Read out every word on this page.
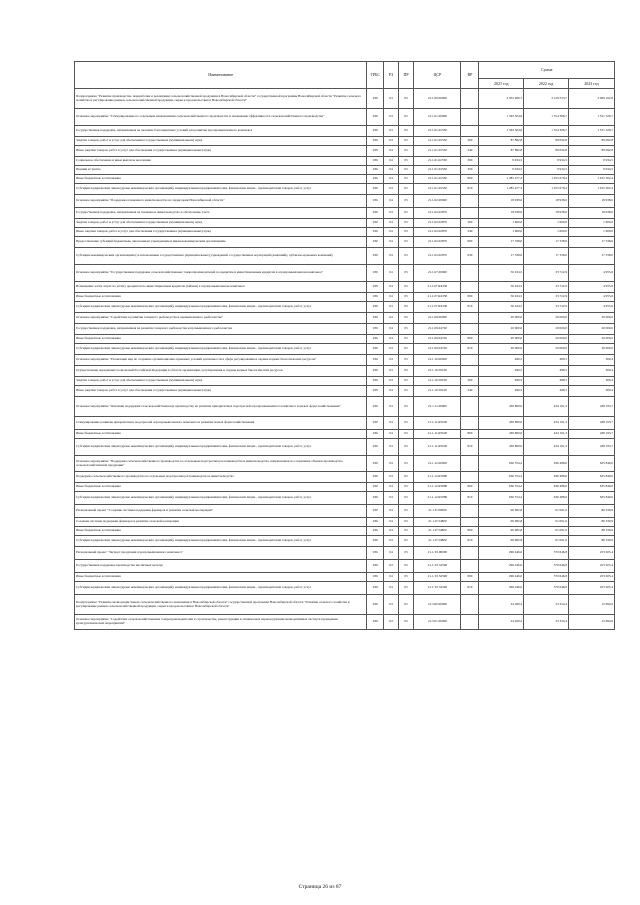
Наименование	ГРБС	РЗ	ПР	ЦСР	ВР	Сумма		
						2021 год	2022 год	2023 год
Подпрограмма "Развитие производства, переработки и реализации сельскохозяйственной продукции в Новосибирской области" государственной программы Новосибирской области "Развитие сельского хозяйства и регулирование рынков сельскохозяйственной продукции, сырья и продовольствия в Новосибирской области"	036	04	05	21.1.00.00000		2 935 969,7	3 129 553,7	3 009 162,8
Основное мероприятие "Стимулирование по отдельным направлениям сельскохозяйственного производства и повышение эффективности сельскохозяйственного производства"	036	04	05	21.1.01.00000		1 563 504,6	1 554 306,7	1 551 329,7
Государственная поддержка, направленная на оказание благоприятных условий для развития агропромышленного комплекса	036	04	05	21.1.01.02530		1 563 504,6	1 554 306,7	1 551 329,7
Закупка товаров, работ и услуг для обеспечения государственных (муниципальных) нужд	036	04	05	21.1.01.02530	200	87 892,8	89 092,8	89 092,8
Иные закупки товаров, работ и услуг для обеспечения государственных (муниципальных) нужд	036	04	05	21.1.01.02530	240	87 892,8	89 092,8	89 092,8
Социальное обеспечение и иные выплаты населению	036	04	05	21.1.01.02530	300	9 934,5	9 934,5	9 934,5
Премии и гранты	036	04	05	21.1.01.02530	350	9 934,5	9 934,5	9 934,5
Иные бюджетные ассигнования	036	04	05	21.1.01.02530	800	1 285 477,3	1 455 679,4	1 452 302,4
Субсидии юридическим лицам (кроме некоммерческих организаций), индивидуальным предпринимателям, физическим лицам - производителям товаров, работ, услуг	036	04	05	21.1.01.02530	810	1 285 477,3	1 455 679,4	1 452 302,4
Основное мероприятие "Поддержка племенного животноводства на территории Новосибирской области"	036	04	05	21.1.02.00000		18 938,0	18 938,0	18 938,0
Государственная поддержка, направленная на племенное животноводство и обеспечение учета	036	04	05	21.1.02.02870		18 938,0	18 938,0	18 938,0
Закупка товаров, работ и услуг для обеспечения государственных (муниципальных) нужд	036	04	05	21.1.02.02870	200	1 600,0	1 600,0	1 600,0
Иные закупки товаров, работ и услуг для обеспечения государственных (муниципальных) нужд	036	04	05	21.1.02.02870	240	1 600,0	1 600,0	1 600,0
Предоставление субсидий бюджетным, автономным учреждениям и иным некоммерческим организациям	036	04	05	21.1.02.02870	600	17 338,0	17 338,0	17 338,0
Субсидии некоммерческим организациям (за исключением государственных (муниципальных) учреждений, государственных корпораций (компаний), публично-правовых компаний)	036	04	05	21.1.02.02870	630	17 338,0	17 338,0	17 338,0
Основное мероприятие "Государственная поддержка сельскохозяйственных товаропроизводителей по кредитам и инвестиционным кредитам в агропромышленном комплексе"	036	04	05	21.1.07.00000		50 434,5	33 722,9	4 955,6
Возмещение части затрат на уплату процентов по инвестиционным кредитам (займам) в агропромышленном комплексе	036	04	05	21.1.07.R4330		50 434,5	33 722,9	4 955,6
Иные бюджетные ассигнования	036	04	05	21.1.07.R4330	800	50 434,5	33 722,9	4 955,6
Субсидии юридическим лицам (кроме некоммерческих организаций), индивидуальным предпринимателям, физическим лицам - производителям товаров, работ, услуг	036	04	05	21.1.07.R4330	810	50 434,5	33 722,9	4 955,6
Основное мероприятие "Содействие в развитии товарного рыбоводства и промышленного рыболовства"	036	04	05	21.1.09.00000		20 000,0	20 000,0	20 000,0
Государственная поддержка, направленная на развитие товарного рыбоводства и промышленного рыболовства	036	04	05	21.1.09.04720		20 000,0	20 000,0	20 000,0
Иные бюджетные ассигнования	036	04	05	21.1.09.04720	800	20 000,0	20 000,0	20 000,0
Субсидии юридическим лицам (кроме некоммерческих организаций), индивидуальным предпринимателям, физическим лицам - производителям товаров, работ, услуг	036	04	05	21.1.09.04720	810	20 000,0	20 000,0	20 000,0
Основное мероприятие "Реализация мер по созданию организационно-правовых условий деятельности в сфере регулирования и охраны водных биологических ресурсов"	036	04	05	21.1.10.00000		490,5	480,5	360,4
Осуществление переданных полномочий Российской Федерации в области организации, регулирования и охраны водных биологических ресурсов	036	04	05	21.1.10.59100		490,5	480,5	360,4
Закупка товаров, работ и услуг для обеспечения государственных (муниципальных) нужд	036	04	05	21.1.10.59100	200	490,5	480,5	360,4
Иные закупки товаров, работ и услуг для обеспечения государственных (муниципальных) нужд	036	04	05	21.1.10.59100	240	490,5	480,5	360,4
Основное мероприятие "Оказание поддержки сельскохозяйственному производству на развитие приоритетных подотраслей агропромышленного комплекса и малых форм хозяйствования"	036	04	05	21.1.11.00000		439 809,0	434 191,3	438 193,7
Стимулирование развития приоритетных подотраслей агропромышленного комплекса и развитие малых форм хозяйствования	036	04	05	21.1.11.R5020		439 809,0	434 191,3	438 193,7
Иные бюджетные ассигнования	036	04	05	21.1.11.R5020	800	439 809,0	434 191,3	438 193,7
Субсидии юридическим лицам (кроме некоммерческих организаций), индивидуальным предпринимателям, физическим лицам - производителям товаров, работ, услуг	036	04	05	21.1.11.R5020	810	439 809,0	434 191,3	438 193,7
Основное мероприятие "Поддержка сельскохозяйственного производства по отдельным подотраслям растениеводства и животноводства, направленная на сохранение объемов производства сельскохозяйственной продукции"	036	04	05	21.1.12.00000		636 554,2	636 488,6	635 849,0
Поддержка сельскохозяйственного производства по отдельным подотраслям растениеводства и животноводства	036	04	05	21.1.12.R5080		636 554,2	636 488,6	635 849,0
Иные бюджетные ассигнования	036	04	05	21.1.12.R5080	800	636 554,2	636 488,6	635 849,0
Субсидии юридическим лицам (кроме некоммерческих организаций), индивидуальным предпринимателям, физическим лицам - производителям товаров, работ, услуг	036	04	05	21.1.12.R5080	810	636 554,2	636 488,6	635 849,0
Региональный проект "Создание системы поддержки фермеров и развитие сельской кооперации"	036	04	05	21.1.I7.00000		90 082,8	61 061,0	86 330,9
Создание системы поддержки фермеров и развитие сельской кооперации	036	04	05	21.1.I7.54800		90 082,8	61 061,0	86 330,9
Иные бюджетные ассигнования	036	04	05	21.1.I7.54800	800	90 082,8	61 061,0	86 330,9
Субсидии юридическим лицам (кроме некоммерческих организаций), индивидуальным предпринимателям, физическим лицам - производителям товаров, работ, услуг	036	04	05	21.1.I7.54800	810	90 082,8	61 061,0	86 330,9
Региональный проект "Экспорт продукции агропромышленного комплекса"	036	04	05	21.1.T2.00000		296 446,0	370 646,8	253 205,4
Государственная поддержка производства масличных культур	036	04	05	21.1.T2.52590		296 446,0	370 646,8	253 205,4
Иные бюджетные ассигнования	036	04	05	21.1.T2.52590	800	296 446,0	370 646,8	253 205,4
Субсидии юридическим лицам (кроме некоммерческих организаций), индивидуальным предпринимателям, физическим лицам - производителям товаров, работ, услуг	036	04	05	21.1.T2.52590	810	296 446,0	370 646,8	253 205,4
Подпрограмма "Развитие мелиорации земель сельскохозяйственного назначения в Новосибирской области" государственной программы Новосибирской области "Развитие сельского хозяйства и регулирование рынков сельскохозяйственной продукции, сырья и продовольствия в Новосибирской области"	036	04	05	21.3.00.00000		24 269,2	23 324,4	12 694,9
Основное мероприятие "Содействие сельскохозяйственным товаропроизводителям в строительстве, реконструкции и техническом перевооружении мелиоративных систем и проведении культуртехнических мероприятий"	036	04	05	21.3.01.00000		24 269,2	23 324,4	12 694,9
Страница 26 из 87
